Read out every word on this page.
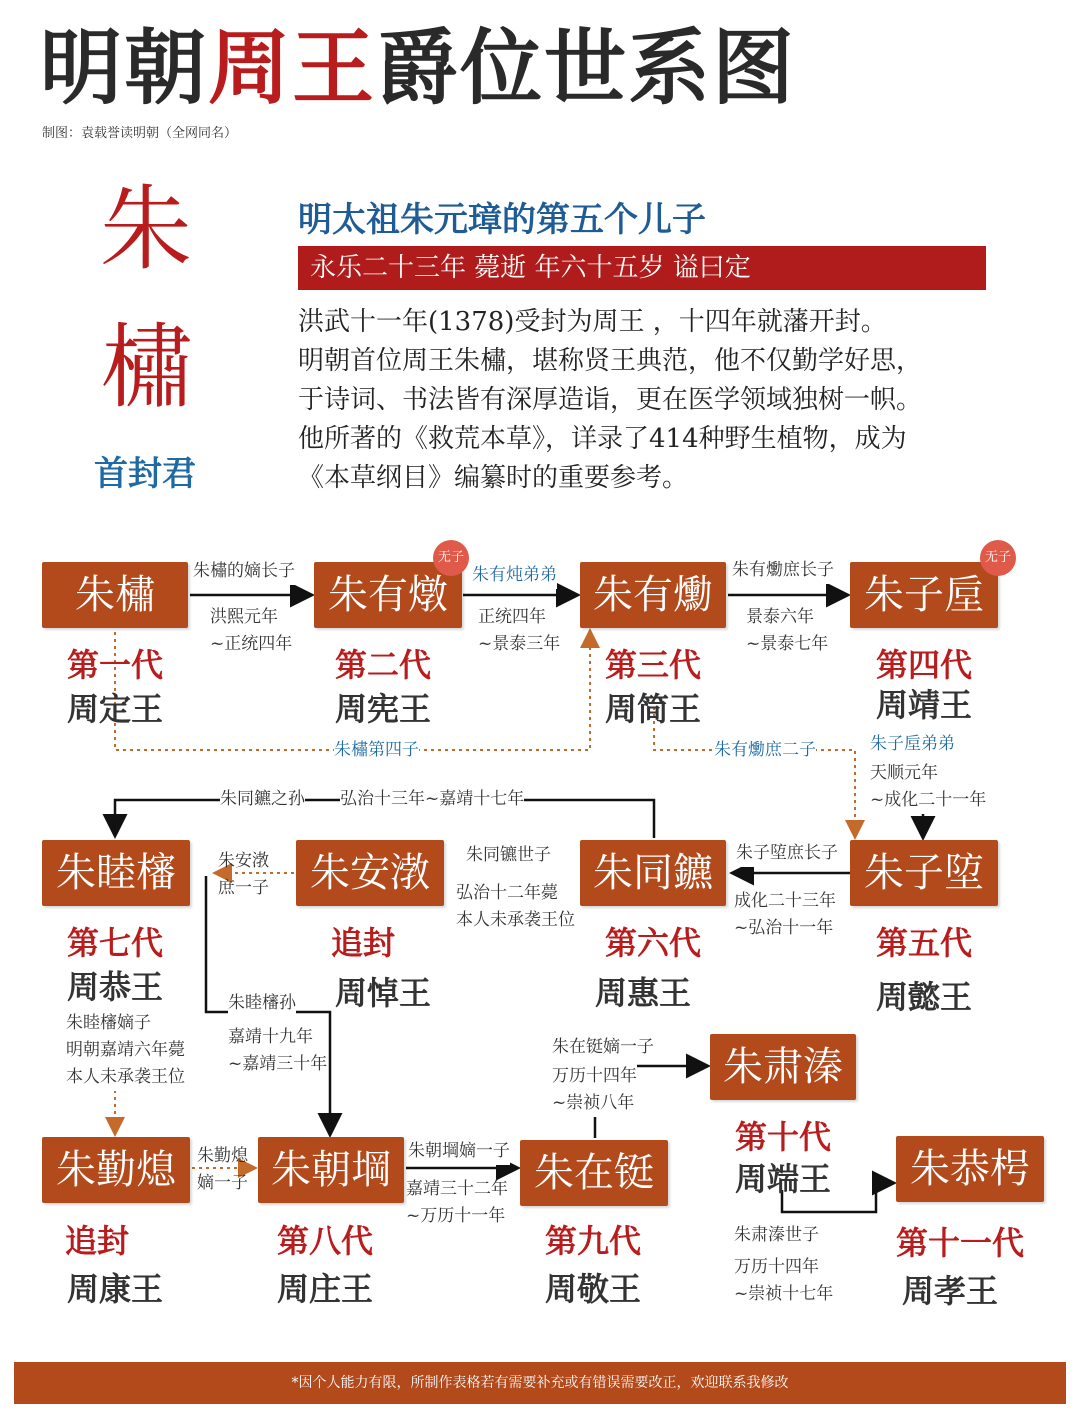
明朝周王爵位世系图
制图：袁载誉读明朝（全网同名）
朱
橚
首封君
明太祖朱元璋的第五个儿子
永乐二十三年 薨逝 年六十五岁 谥曰定
洪武十一年(1378)受封为周王 ，十四年就藩开封。
明朝首位周王朱橚，堪称贤王典范，他不仅勤学好思，
于诗词、书法皆有深厚造诣，更在医学领域独树一帜。
他所著的《救荒本草》，详录了414种野生植物，成为
《本草纲目》编纂时的重要参考。
朱橚	朱有燉	朱有爋	朱子垕
朱子埅
朱同鑣
朱安㴾
朱睦㰂
朱勤熄	朱朝堈	朱在铤
朱肃溱
朱恭枵
无子	无子
第一代
周定王
第二代
周宪王
第三代
周简王
第四代
周靖王
第五代
周懿王
第六代
周惠王
追封
周悼王
第七代
周恭王
追封
周康王
第八代
周庄王
第九代
周敬王
第十代
周端王
第十一代
周孝王
朱橚的嫡长子
洪熙元年
~正统四年
朱有炖弟弟
正统四年
~景泰三年
朱有爋庶长子
景泰六年
~景泰七年
朱橚第四子	朱有爋庶二子	朱子垕弟弟
天顺元年
~成化二十一年
朱子埅庶长子
成化二十三年
~弘治十一年
朱同鑣之孙 弘治十三年~嘉靖十七年
朱同镳世子
弘治十二年薨
本人未承袭王位
朱安㴾
庶一子
朱睦㰂嫡子
明朝嘉靖六年薨
本人未承袭王位
朱睦㰂孙
嘉靖十九年
~嘉靖三十年
朱勤熄
嫡一子
朱朝堈嫡一子
嘉靖三十二年
~万历十一年
朱在铤嫡一子
万历十四年
~崇祯八年
朱肃溱世子
万历十四年
~崇祯十七年
*因个人能力有限，所制作表格若有需要补充或有错误需要改正，欢迎联系我修改
